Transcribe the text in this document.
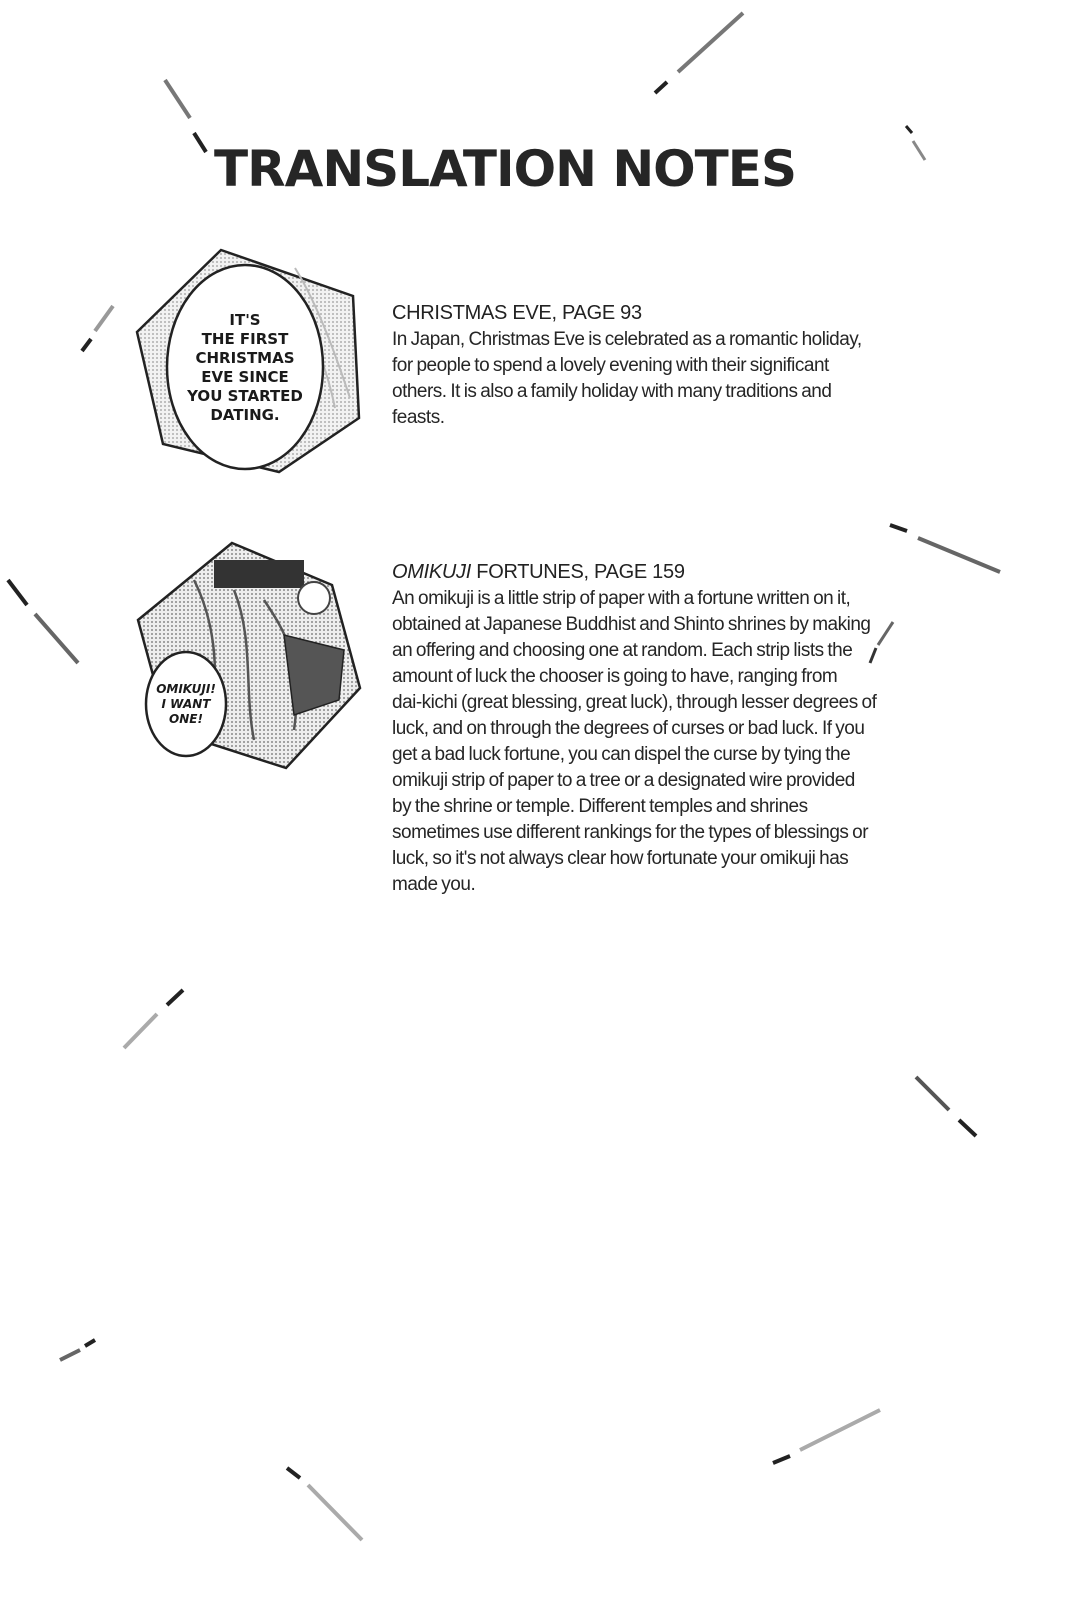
TRANSLATION NOTES
IT'S
THE FIRST
CHRISTMAS
EVE SINCE
YOU STARTED
DATING.
OMIKUJI!
I WANT
ONE!
CHRISTMAS EVE, PAGE 93

In Japan, Christmas Eve is celebrated as a romantic holiday,

for people to spend a lovely evening with their significant

others. It is also a family holiday with many traditions and

feasts.

OMIKUJI FORTUNES, PAGE 159

An omikuji is a little strip of paper with a fortune written on it,

obtained at Japanese Buddhist and Shinto shrines by making

an offering and choosing one at random. Each strip lists the

amount of luck the chooser is going to have, ranging from

dai-kichi (great blessing, great luck), through lesser degrees of

luck, and on through the degrees of curses or bad luck. If you

get a bad luck fortune, you can dispel the curse by tying the

omikuji strip of paper to a tree or a designated wire provided

by the shrine or temple. Different temples and shrines

sometimes use different rankings for the types of blessings or

luck, so it's not always clear how fortunate your omikuji has

made you.
